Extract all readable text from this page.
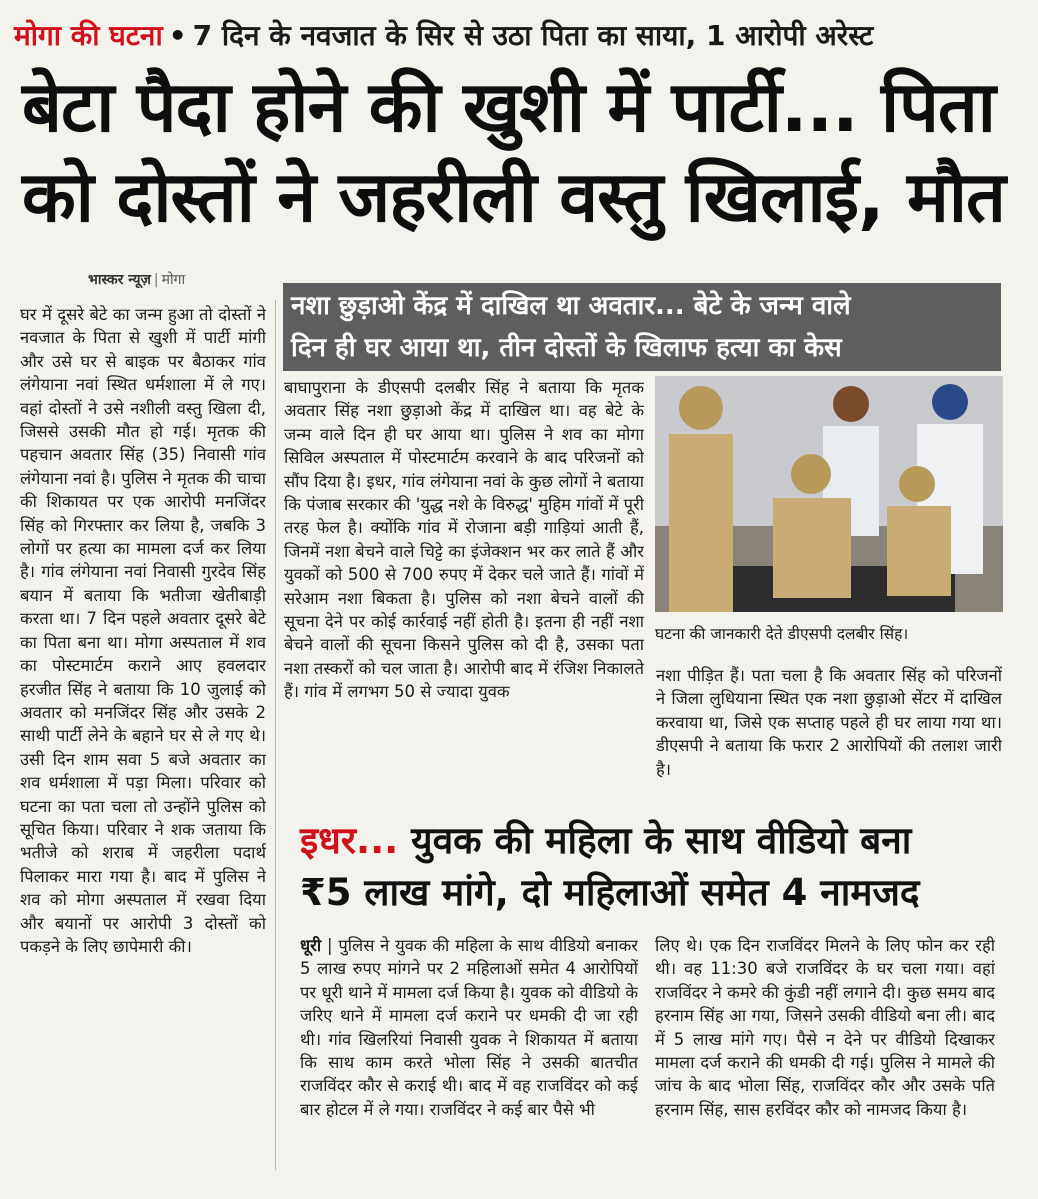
मोगा की घटना • 7 दिन के नवजात के सिर से उठा पिता का साया, 1 आरोपी अरेस्ट
बेटा पैदा होने की खुशी में पार्टी... पिता
को दोस्तों ने जहरीली वस्तु खिलाई, मौत
भास्कर न्यूज़ | मोगा
घर में दूसरे बेटे का जन्म हुआ तो दोस्तों ने नवजात के पिता से खुशी में पार्टी मांगी और उसे घर से बाइक पर बैठाकर गांव लंगेयाना नवां स्थित धर्मशाला में ले गए। वहां दोस्तों ने उसे नशीली वस्तु खिला दी, जिससे उसकी मौत हो गई। मृतक की पहचान अवतार सिंह (35) निवासी गांव लंगेयाना नवां है। पुलिस ने मृतक की चाचा की शिकायत पर एक आरोपी मनजिंदर सिंह को गिरफ्तार कर लिया है, जबकि 3 लोगों पर हत्या का मामला दर्ज कर लिया है। गांव लंगेयाना नवां निवासी गुरदेव सिंह बयान में बताया कि भतीजा खेतीबाड़ी करता था। 7 दिन पहले अवतार दूसरे बेटे का पिता बना था। मोगा अस्पताल में शव का पोस्टमार्टम कराने आए हवलदार हरजीत सिंह ने बताया कि 10 जुलाई को अवतार को मनजिंदर सिंह और उसके 2 साथी पार्टी लेने के बहाने घर से ले गए थे। उसी दिन शाम सवा 5 बजे अवतार का शव धर्मशाला में पड़ा मिला। परिवार को घटना का पता चला तो उन्होंने पुलिस को सूचित किया। परिवार ने शक जताया कि भतीजे को शराब में जहरीला पदार्थ पिलाकर मारा गया है। बाद में पुलिस ने शव को मोगा अस्पताल में रखवा दिया और बयानों पर आरोपी 3 दोस्तों को पकड़ने के लिए छापेमारी की।
नशा छुड़ाओ केंद्र में दाखिल था अवतार... बेटे के जन्म वाले
दिन ही घर आया था, तीन दोस्तों के खिलाफ हत्या का केस
बाघापुराना के डीएसपी दलबीर सिंह ने बताया कि मृतक अवतार सिंह नशा छुड़ाओ केंद्र में दाखिल था। वह बेटे के जन्म वाले दिन ही घर आया था। पुलिस ने शव का मोगा सिविल अस्पताल में पोस्टमार्टम करवाने के बाद परिजनों को सौंप दिया है। इधर, गांव लंगेयाना नवां के कुछ लोगों ने बताया कि पंजाब सरकार की 'युद्ध नशे के विरुद्ध' मुहिम गांवों में पूरी तरह फेल है। क्योंकि गांव में रोजाना बड़ी गाड़ियां आती हैं, जिनमें नशा बेचने वाले चिट्टे का इंजेक्शन भर कर लाते हैं और युवकों को 500 से 700 रुपए में देकर चले जाते हैं। गांवों में सरेआम नशा बिकता है। पुलिस को नशा बेचने वालों की सूचना देने पर कोई कार्रवाई नहीं होती है। इतना ही नहीं नशा बेचने वालों की सूचना किसने पुलिस को दी है, उसका पता नशा तस्करों को चल जाता है। आरोपी बाद में रंजिश निकालते हैं। गांव में लगभग 50 से ज्यादा युवक
घटना की जानकारी देते डीएसपी दलबीर सिंह।
नशा पीड़ित हैं। पता चला है कि अवतार सिंह को परिजनों ने जिला लुधियाना स्थित एक नशा छुड़ाओ सेंटर में दाखिल करवाया था, जिसे एक सप्ताह पहले ही घर लाया गया था। डीएसपी ने बताया कि फरार 2 आरोपियों की तलाश जारी है।
इधर... युवक की महिला के साथ वीडियो बना
₹5 लाख मांगे, दो महिलाओं समेत 4 नामजद
धूरी | पुलिस ने युवक की महिला के साथ वीडियो बनाकर 5 लाख रुपए मांगने पर 2 महिलाओं समेत 4 आरोपियों पर धूरी थाने में मामला दर्ज किया है। युवक को वीडियो के जरिए थाने में मामला दर्ज कराने पर धमकी दी जा रही थी। गांव खिलरियां निवासी युवक ने शिकायत में बताया कि साथ काम करते भोला सिंह ने उसकी बातचीत राजविंदर कौर से कराई थी। बाद में वह राजविंदर को कई बार होटल में ले गया। राजविंदर ने कई बार पैसे भी
लिए थे। एक दिन राजविंदर मिलने के लिए फोन कर रही थी। वह 11:30 बजे राजविंदर के घर चला गया। वहां राजविंदर ने कमरे की कुंडी नहीं लगाने दी। कुछ समय बाद हरनाम सिंह आ गया, जिसने उसकी वीडियो बना ली। बाद में 5 लाख मांगे गए। पैसे न देने पर वीडियो दिखाकर मामला दर्ज कराने की धमकी दी गई। पुलिस ने मामले की जांच के बाद भोला सिंह, राजविंदर कौर और उसके पति हरनाम सिंह, सास हरविंदर कौर को नामजद किया है।
